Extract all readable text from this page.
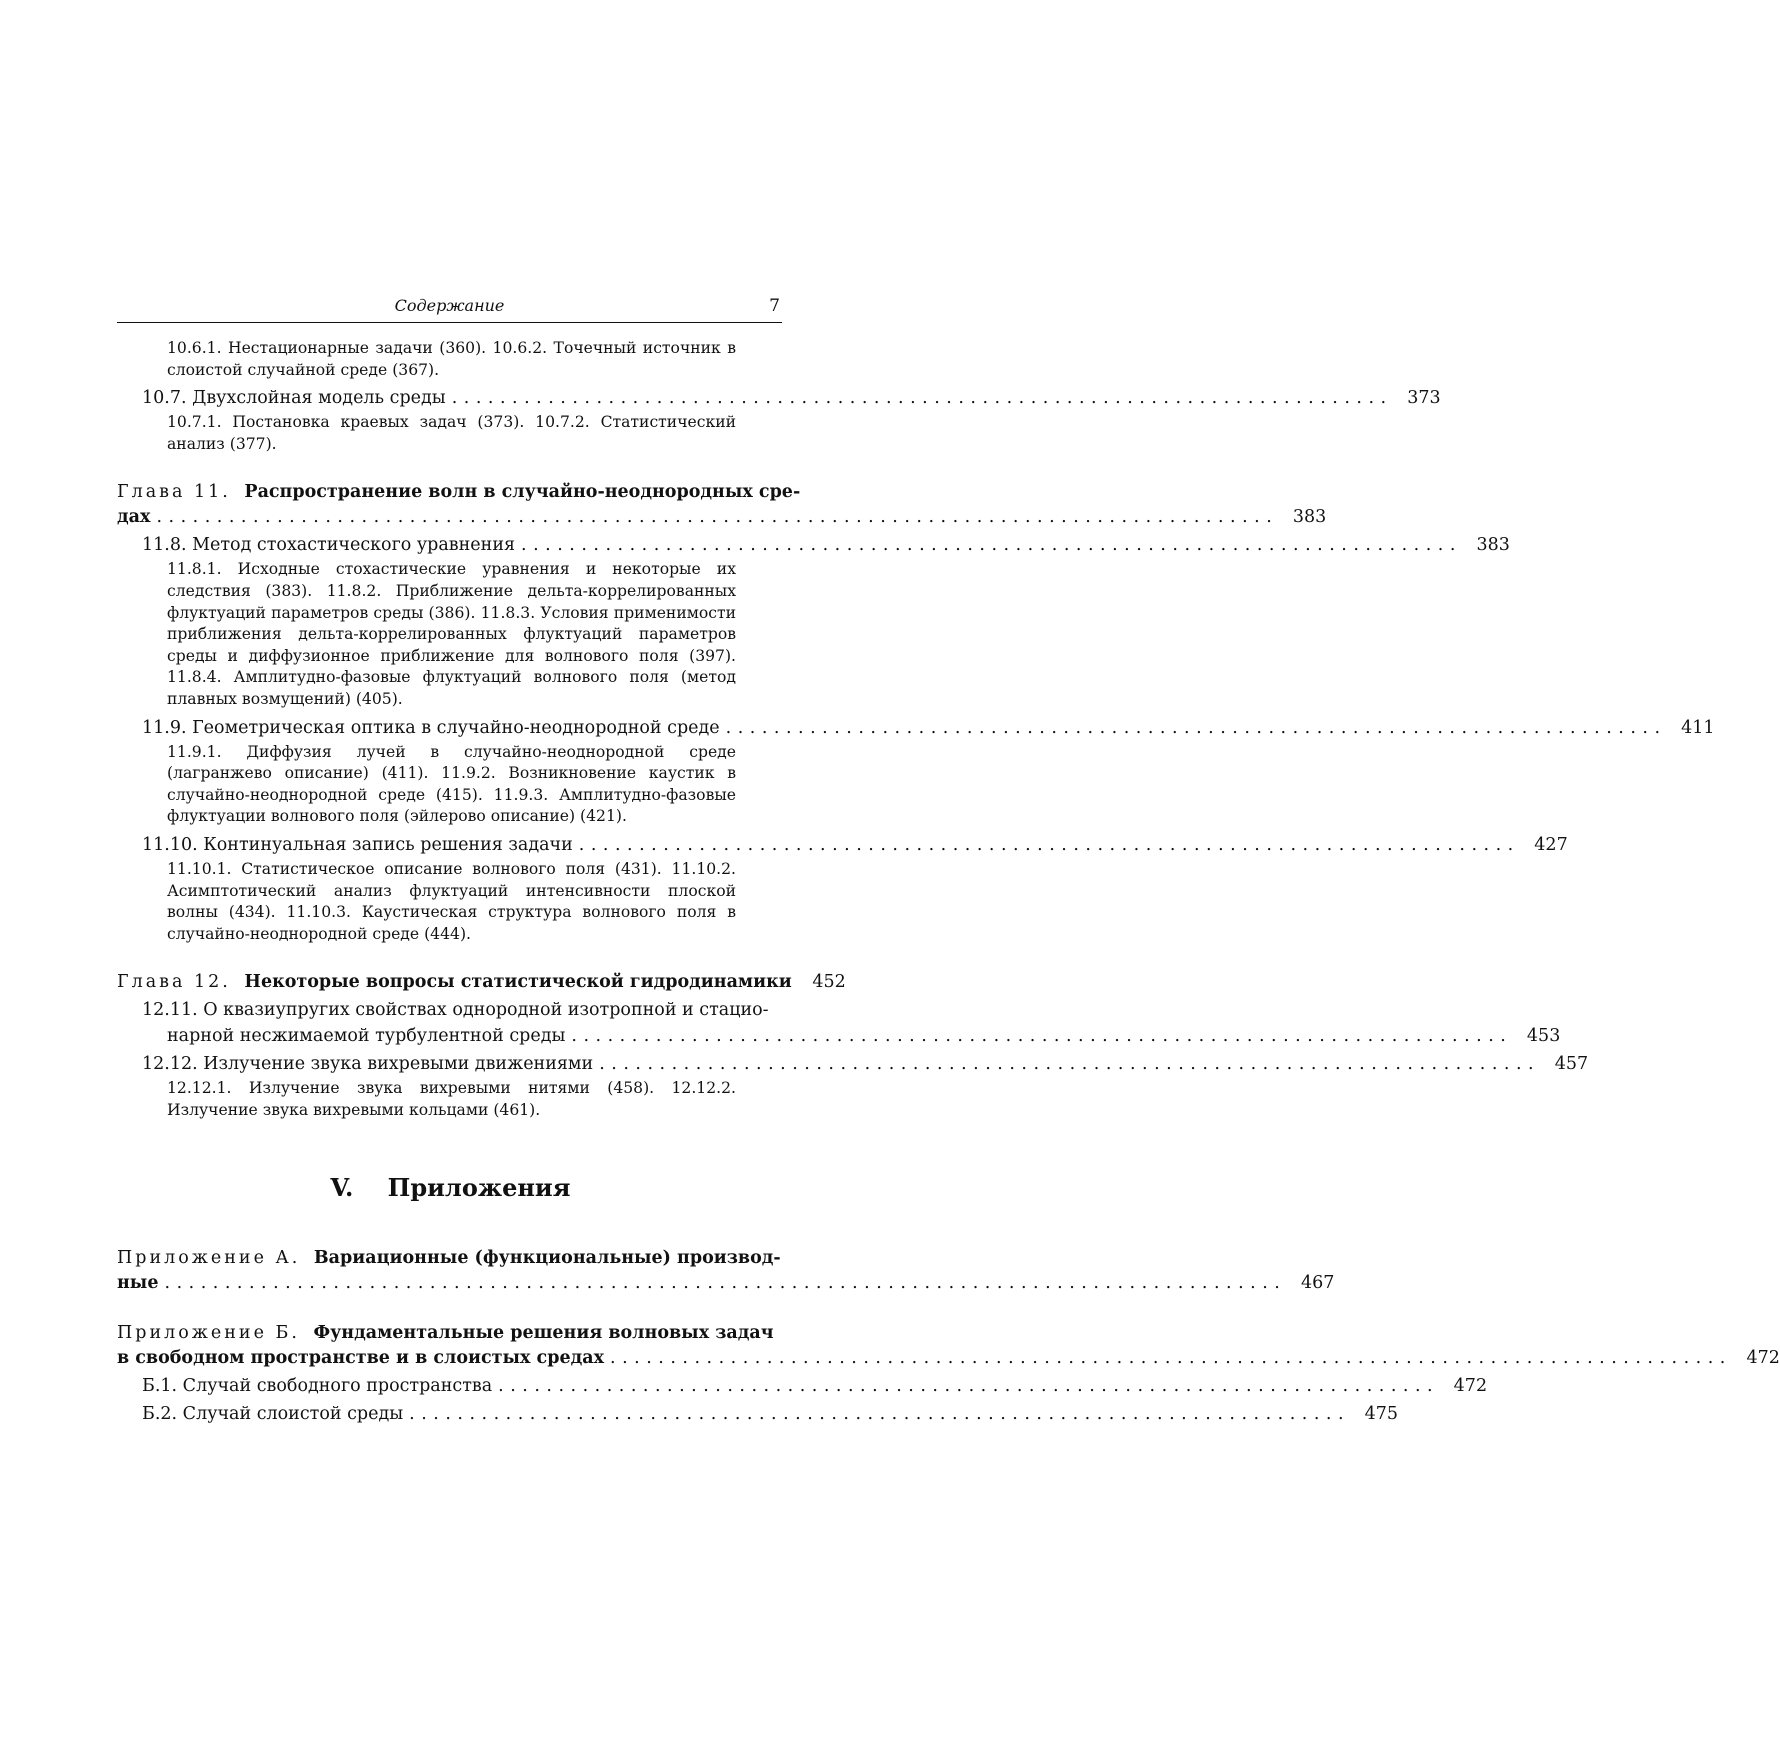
Содержание	7
10.6.1. Нестационарные задачи (360). 10.6.2. Точечный источник в слоистой случайной среде (367).
10.7. Двухслойная модель среды .............................................................................. 373
10.7.1. Постановка краевых задач (373). 10.7.2. Статистический анализ (377).
Глава 11. Распространение волн в случайно-неоднородных сре-
дах ............................................................................................. 383
11.8. Метод стохастического уравнения .............................................................................. 383
11.8.1. Исходные стохастические уравнения и некоторые их следствия (383). 11.8.2. Приближение дельта-коррелированных флуктуаций параметров среды (386). 11.8.3. Условия применимости приближения дельта-коррелированных флуктуаций параметров среды и диффузионное приближение для волнового поля (397). 11.8.4. Амплитудно-фазовые флуктуаций волнового поля (метод плавных возмущений) (405).
11.9. Геометрическая оптика в случайно-неоднородной среде .............................................................................. 411
11.9.1. Диффузия лучей в случайно-неоднородной среде (лагранжево описание) (411). 11.9.2. Возникновение каустик в случайно-неоднородной среде (415). 11.9.3. Амплитудно-фазовые флуктуации волнового поля (эйлерово описание) (421).
11.10. Континуальная запись решения задачи .............................................................................. 427
11.10.1. Статистическое описание волнового поля (431). 11.10.2. Асимптотический анализ флуктуаций интенсивности плоской волны (434). 11.10.3. Каустическая структура волнового поля в случайно-неоднородной среде (444).
Глава 12. Некоторые вопросы статистической гидродинамики 452
12.11. О квазиупругих свойствах однородной изотропной и стацио-
нарной несжимаемой турбулентной среды .............................................................................. 453
12.12. Излучение звука вихревыми движениями .............................................................................. 457
12.12.1. Излучение звука вихревыми нитями (458). 12.12.2. Излучение звука вихревыми кольцами (461).
V. Приложения
Приложение А. Вариационные (функциональные) производ-
ные ............................................................................................. 467
Приложение Б. Фундаментальные решения волновых задач
в свободном пространстве и в слоистых средах ............................................................................................. 472
Б.1. Случай свободного пространства .............................................................................. 472
Б.2. Случай слоистой среды .............................................................................. 475
